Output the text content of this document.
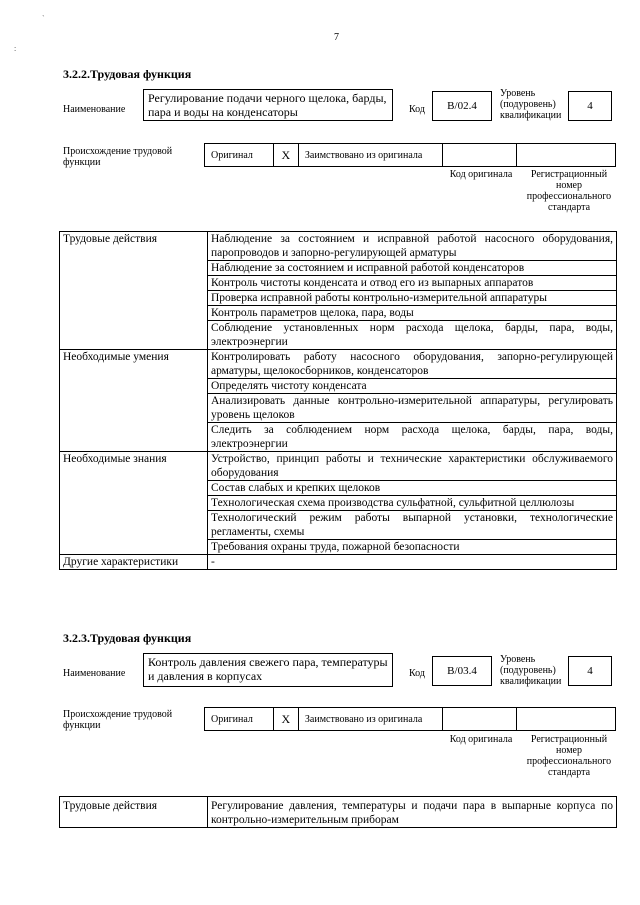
`
:
7
3.2.2.Трудовая функция
Наименование
Регулирование подачи черного щелока, барды, пара и воды на конденсаторы	Код	B/02.4
Уровень (подуровень) квалификации
4
Происхождение трудовой функции
Оригинал	X	Заимствовано из оригинала		
Код оригинала	Регистрационный номер профессионального стандарта
Трудовые действия	Наблюдение за состоянием и исправной работой насосного оборудования, паропроводов и запорно-регулирующей арматуры
	Наблюдение за состоянием и исправной работой конденсаторов
	Контроль чистоты конденсата и отвод его из выпарных аппаратов
	Проверка исправной работы контрольно-измерительной аппаратуры
	Контроль параметров щелока, пара, воды
	Соблюдение установленных норм расхода щелока, барды, пара, воды, электроэнергии
Необходимые умения	Контролировать работу насосного оборудования, запорно-регулирующей арматуры, щелокосборников, конденсаторов
	Определять чистоту конденсата
	Анализировать данные контрольно-измерительной аппаратуры, регулировать уровень щелоков
	Следить за соблюдением норм расхода щелока, барды, пара, воды, электроэнергии
Необходимые знания	Устройство, принцип работы и технические характеристики обслуживаемого оборудования
	Состав слабых и крепких щелоков
	Технологическая схема производства сульфатной, сульфитной целлюлозы
	Технологический режим работы выпарной установки, технологические регламенты, схемы
	Требования охраны труда, пожарной безопасности
Другие характеристики	-
3.2.3.Трудовая функция
Наименование
Контроль давления свежего пара, температуры и давления в корпусах	Код	B/03.4
Уровень (подуровень) квалификации
4
Происхождение трудовой функции
Оригинал	X	Заимствовано из оригинала		
Код оригинала	Регистрационный номер профессионального стандарта
Трудовые действия	Регулирование давления, температуры и подачи пара в выпарные корпуса по контрольно-измерительным приборам
